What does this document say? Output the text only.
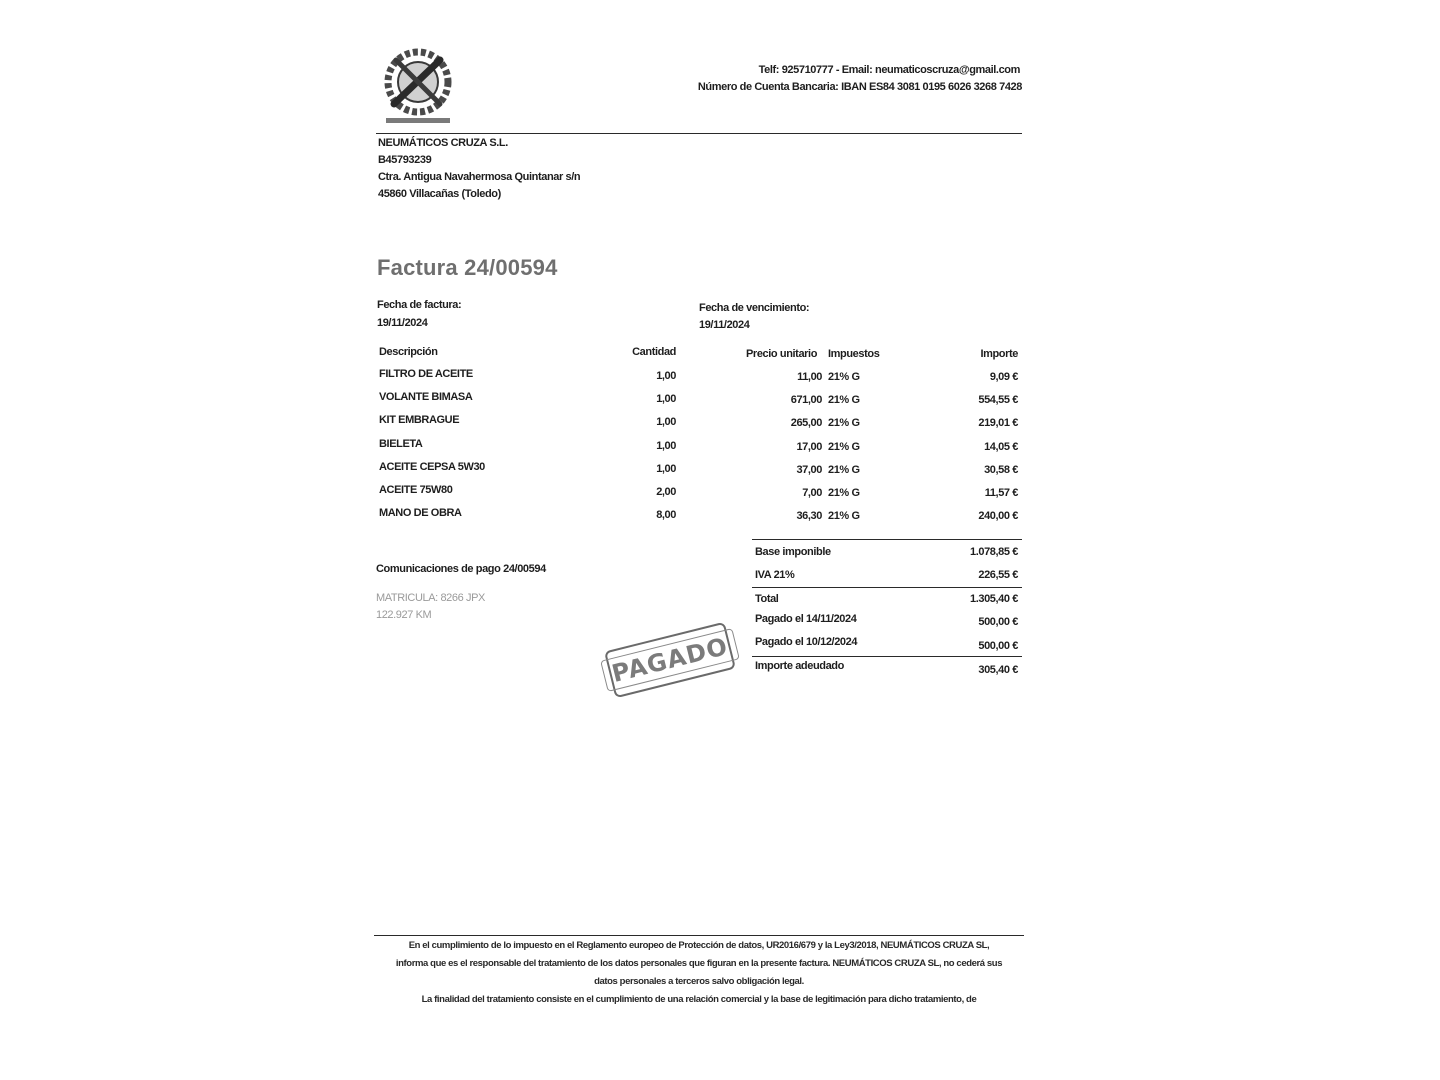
Telf: 925710777 - Email: neumaticoscruza@gmail.com
Número de Cuenta Bancaria: IBAN ES84 3081 0195 6026 3268 7428
NEUMÁTICOS CRUZA S.L.
B45793239
Ctra. Antigua Navahermosa Quintanar s/n
45860 Villacañas (Toledo)
Factura 24/00594
Fecha de factura:
19/11/2024
Fecha de vencimiento:
19/11/2024
Descripción	Cantidad	Precio unitario Impuestos	Importe
FILTRO DE ACEITE	1,00	11,00 21% G	9,09 €
VOLANTE BIMASA	1,00	671,00 21% G	554,55 €
KIT EMBRAGUE	1,00	265,00 21% G	219,01 €
BIELETA	1,00	17,00 21% G	14,05 €
ACEITE CEPSA 5W30	1,00	37,00 21% G	30,58 €
ACEITE 75W80	2,00	7,00 21% G	11,57 €
MANO DE OBRA	8,00	36,30 21% G	240,00 €
Base imponible	1.078,85 €
IVA 21%	226,55 €
Total	1.305,40 €
Pagado el 14/11/2024	500,00 €
Pagado el 10/12/2024	500,00 €
Importe adeudado	305,40 €
Comunicaciones de pago 24/00594
MATRICULA: 8266 JPX
122.927 KM
PAGADO
En el cumplimiento de lo impuesto en el Reglamento europeo de Protección de datos, UR2016/679 y la Ley3/2018, NEUMÁTICOS CRUZA SL,
informa que es el responsable del tratamiento de los datos personales que figuran en la presente factura. NEUMÁTICOS CRUZA SL, no cederá sus
datos personales a terceros salvo obligación legal.
La finalidad del tratamiento consiste en el cumplimiento de una relación comercial y la base de legitimación para dicho tratamiento, de
